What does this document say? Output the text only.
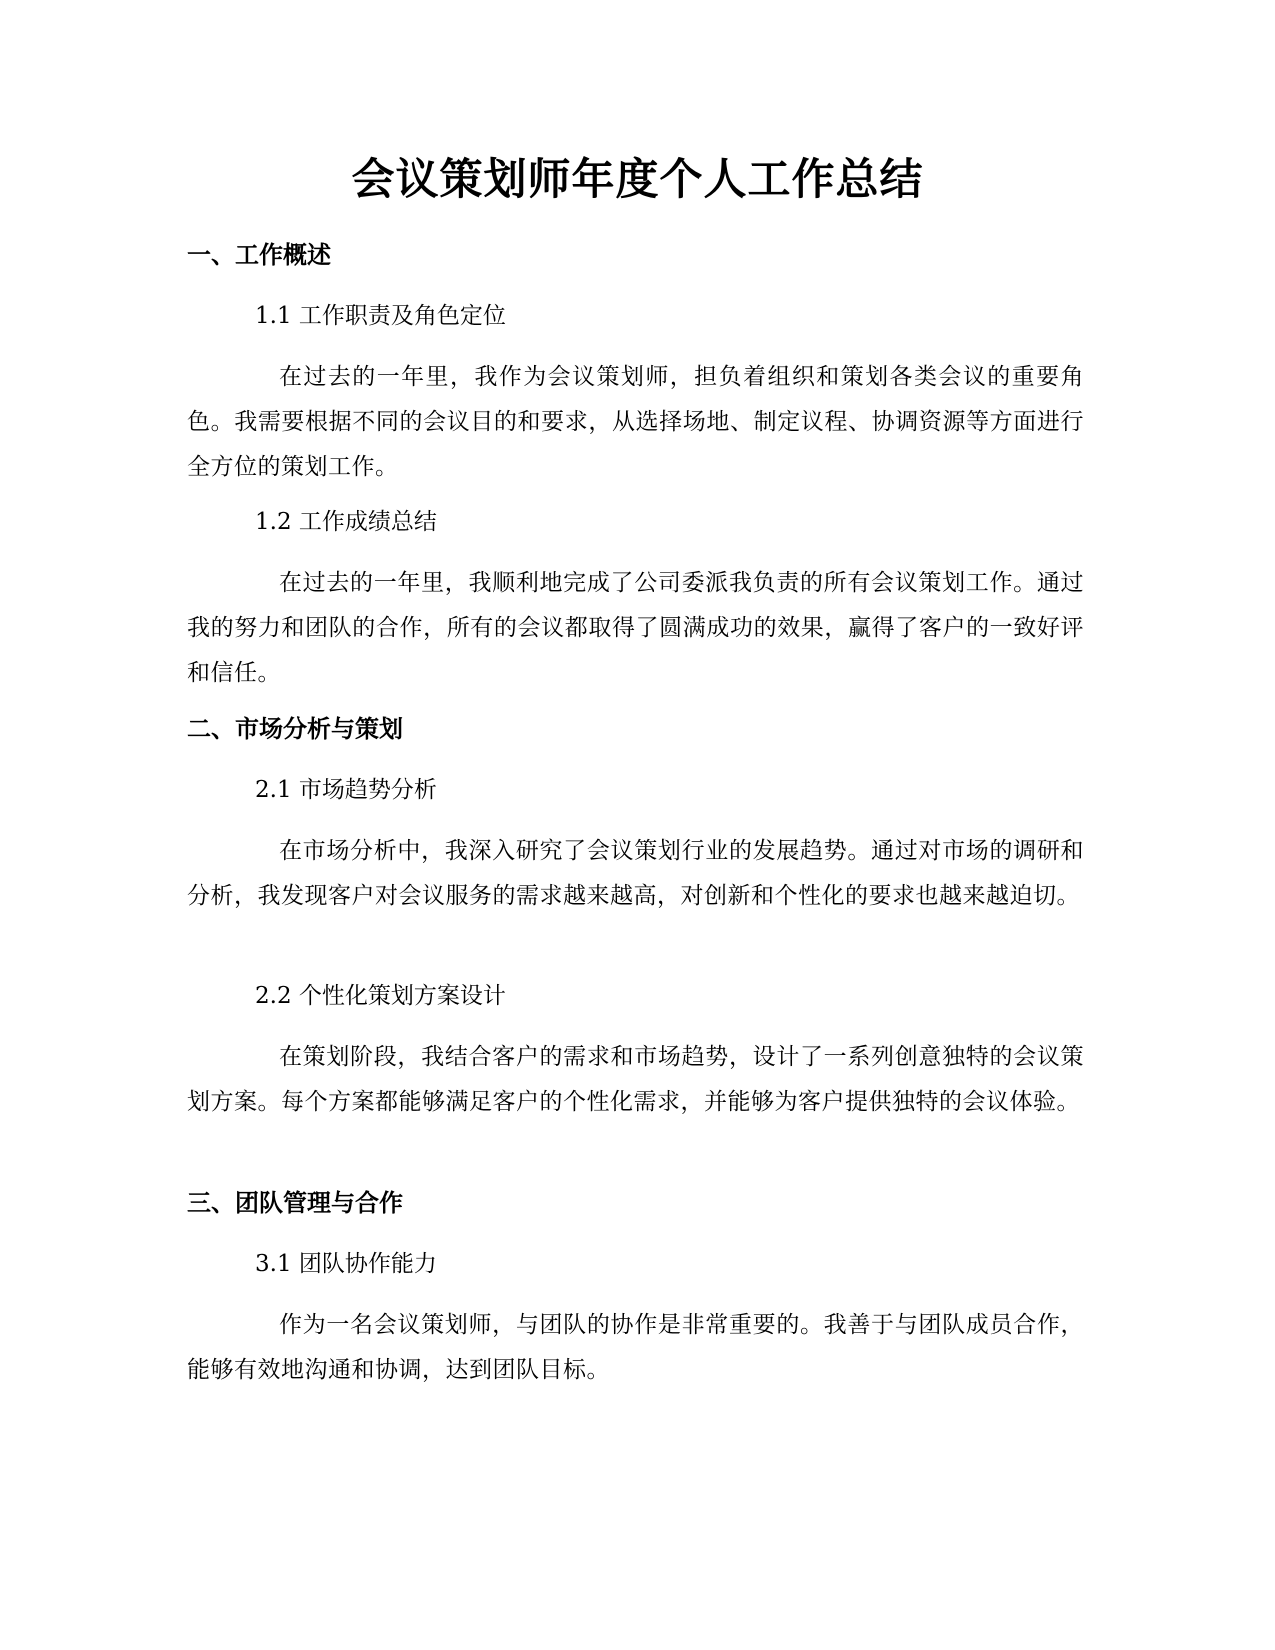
会议策划师年度个人工作总结
一、工作概述

1.1 工作职责及角色定位

在过去的一年里，我作为会议策划师，担负着组织和策划各类会议的重要角色。我需要根据不同的会议目的和要求，从选择场地、制定议程、协调资源等方面进行全方位的策划工作。

1.2 工作成绩总结

在过去的一年里，我顺利地完成了公司委派我负责的所有会议策划工作。通过我的努力和团队的合作，所有的会议都取得了圆满成功的效果，赢得了客户的一致好评和信任。

二、市场分析与策划

2.1 市场趋势分析

在市场分析中，我深入研究了会议策划行业的发展趋势。通过对市场的调研和分析，我发现客户对会议服务的需求越来越高，对创新和个性化的要求也越来越迫切。

2.2 个性化策划方案设计

在策划阶段，我结合客户的需求和市场趋势，设计了一系列创意独特的会议策划方案。每个方案都能够满足客户的个性化需求，并能够为客户提供独特的会议体验。

三、团队管理与合作

3.1 团队协作能力

作为一名会议策划师，与团队的协作是非常重要的。我善于与团队成员合作，能够有效地沟通和协调，达到团队目标。
